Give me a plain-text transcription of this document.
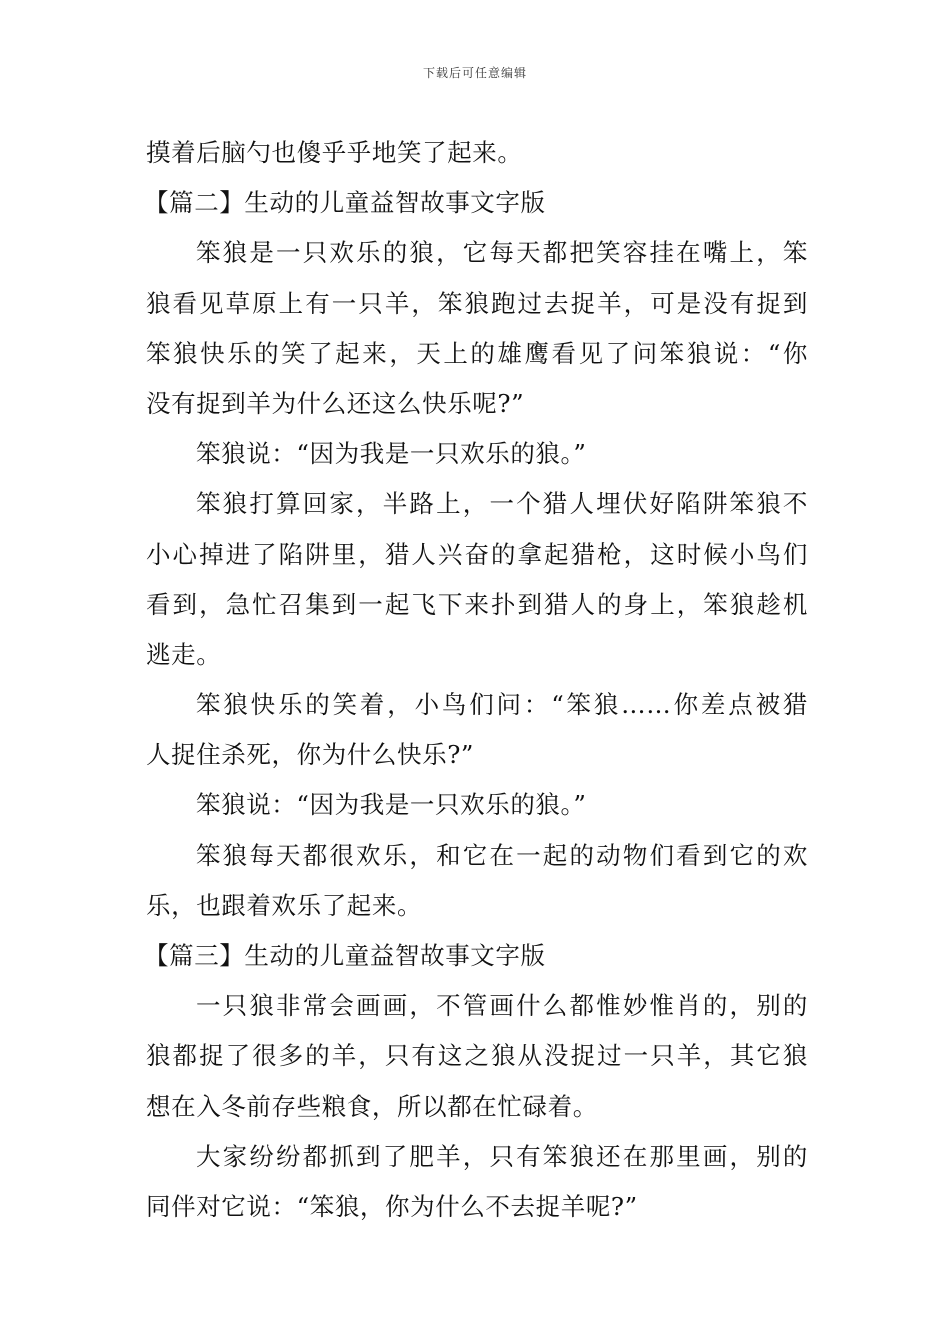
下载后可任意编辑
摸着后脑勺也傻乎乎地笑了起来。
【篇二】生动的儿童益智故事文字版
笨狼是一只欢乐的狼，它每天都把笑容挂在嘴上，笨
狼看见草原上有一只羊，笨狼跑过去捉羊，可是没有捉到
笨狼快乐的笑了起来，天上的雄鹰看见了问笨狼说：“你
没有捉到羊为什么还这么快乐呢?”
笨狼说：“因为我是一只欢乐的狼。”
笨狼打算回家，半路上，一个猎人埋伏好陷阱笨狼不
小心掉进了陷阱里，猎人兴奋的拿起猎枪，这时候小鸟们
看到，急忙召集到一起飞下来扑到猎人的身上，笨狼趁机
逃走。
笨狼快乐的笑着，小鸟们问：“笨狼……你差点被猎
人捉住杀死，你为什么快乐?”
笨狼说：“因为我是一只欢乐的狼。”
笨狼每天都很欢乐，和它在一起的动物们看到它的欢
乐，也跟着欢乐了起来。
【篇三】生动的儿童益智故事文字版
一只狼非常会画画，不管画什么都惟妙惟肖的，别的
狼都捉了很多的羊，只有这之狼从没捉过一只羊，其它狼
想在入冬前存些粮食，所以都在忙碌着。
大家纷纷都抓到了肥羊，只有笨狼还在那里画，别的
同伴对它说：“笨狼，你为什么不去捉羊呢?”
